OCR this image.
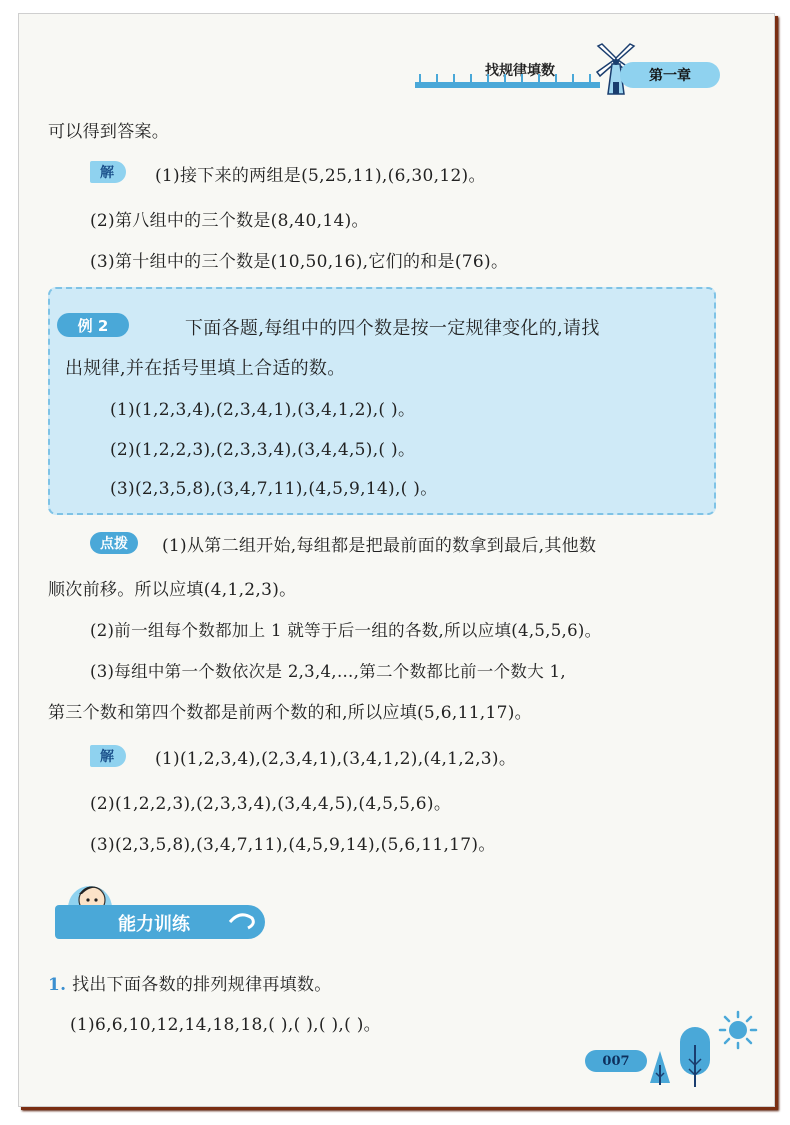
找规律填数	第一章
可以得到答案。
解	(1)接下来的两组是(5,25,11),(6,30,12)。
(2)第八组中的三个数是(8,40,14)。
(3)第十组中的三个数是(10,50,16),它们的和是(76)。
例 2	下面各题,每组中的四个数是按一定规律变化的,请找
出规律,并在括号里填上合适的数。
(1)(1,2,3,4),(2,3,4,1),(3,4,1,2),( )。
(2)(1,2,2,3),(2,3,3,4),(3,4,4,5),( )。
(3)(2,3,5,8),(3,4,7,11),(4,5,9,14),( )。
点拨	(1)从第二组开始,每组都是把最前面的数拿到最后,其他数
顺次前移。所以应填(4,1,2,3)。
(2)前一组每个数都加上 1 就等于后一组的各数,所以应填(4,5,5,6)。
(3)每组中第一个数依次是 2,3,4,…,第二个数都比前一个数大 1,
第三个数和第四个数都是前两个数的和,所以应填(5,6,11,17)。
解	(1)(1,2,3,4),(2,3,4,1),(3,4,1,2),(4,1,2,3)。
(2)(1,2,2,3),(2,3,3,4),(3,4,4,5),(4,5,5,6)。
(3)(2,3,5,8),(3,4,7,11),(4,5,9,14),(5,6,11,17)。
能力训练
1. 找出下面各数的排列规律再填数。
(1)6,6,10,12,14,18,18,( ),( ),( ),( )。
007
